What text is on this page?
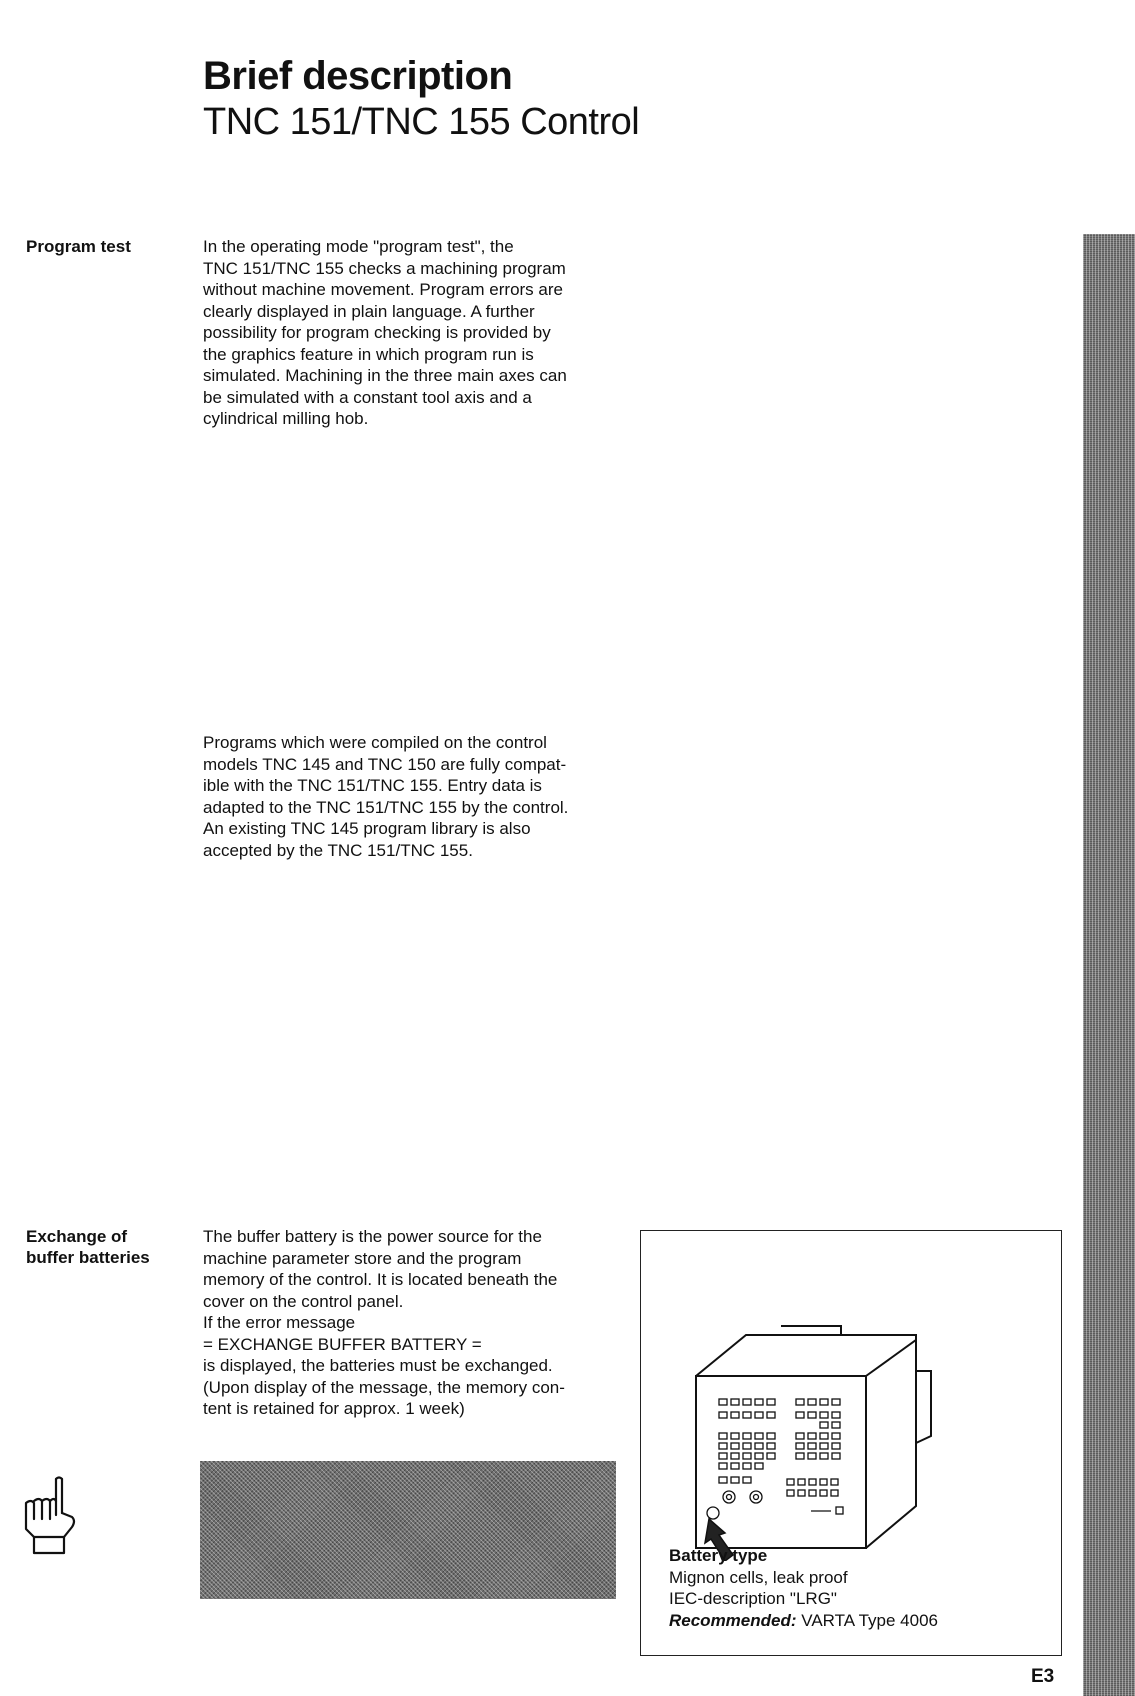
Brief description
TNC 151/TNC 155 Control

Program test	In the operating mode "program test", the
TNC 151/TNC 155 checks a machining program
without machine movement. Program errors are
clearly displayed in plain language. A further
possibility for program checking is provided by
the graphics feature in which program run is
simulated. Machining in the three main axes can
be simulated with a constant tool axis and a
cylindrical milling hob.
Programs which were compiled on the control
models TNC 145 and TNC 150 are fully compat-
ible with the TNC 151/TNC 155. Entry data is
adapted to the TNC 151/TNC 155 by the control.
An existing TNC 145 program library is also
accepted by the TNC 151/TNC 155.
Exchange of
buffer batteries
The buffer battery is the power source for the
machine parameter store and the program
memory of the control. It is located beneath the
cover on the control panel.
If the error message
= EXCHANGE BUFFER BATTERY =
is displayed, the batteries must be exchanged.
(Upon display of the message, the memory con-
tent is retained for approx. 1 week)
Battery type
Mignon cells, leak proof
IEC-description "LRG"
Recommended: VARTA Type 4006
E3
